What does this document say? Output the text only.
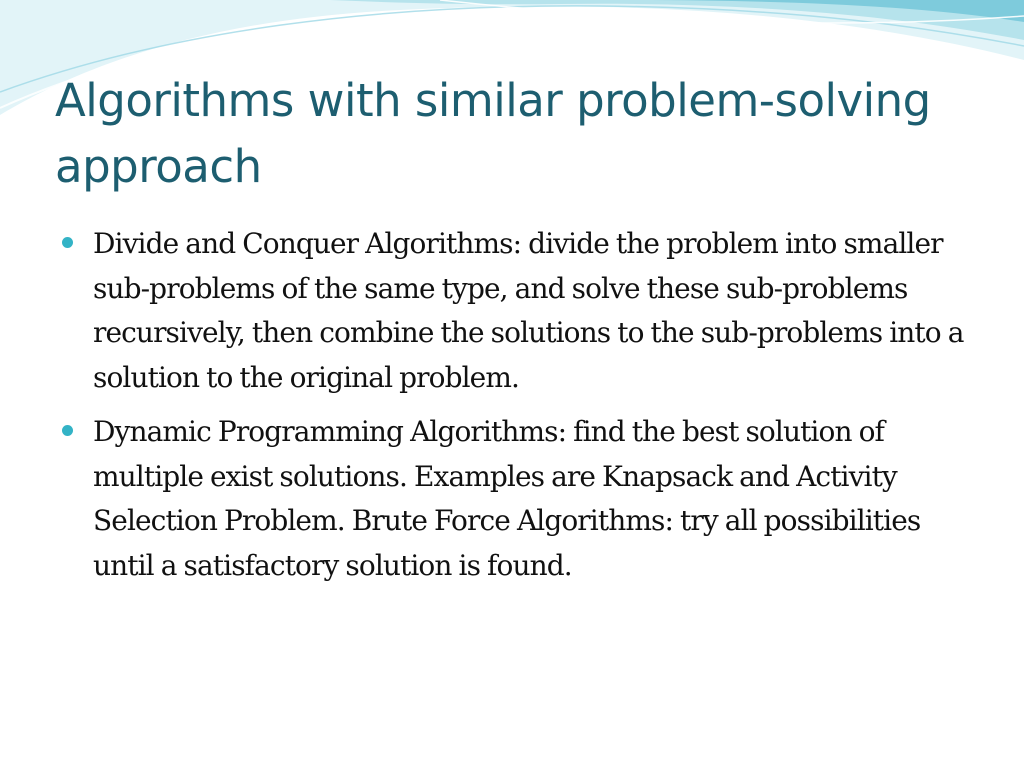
Algorithms with similar problem-solving approach
Divide and Conquer Algorithms: divide the problem into smaller sub-problems of the same type, and solve these sub-problems recursively, then combine the solutions to the sub-problems into a solution to the original problem.
Dynamic Programming Algorithms: find the best solution of multiple exist solutions. Examples are Knapsack and Activity Selection Problem. Brute Force Algorithms: try all possibilities until a satisfactory solution is found.
